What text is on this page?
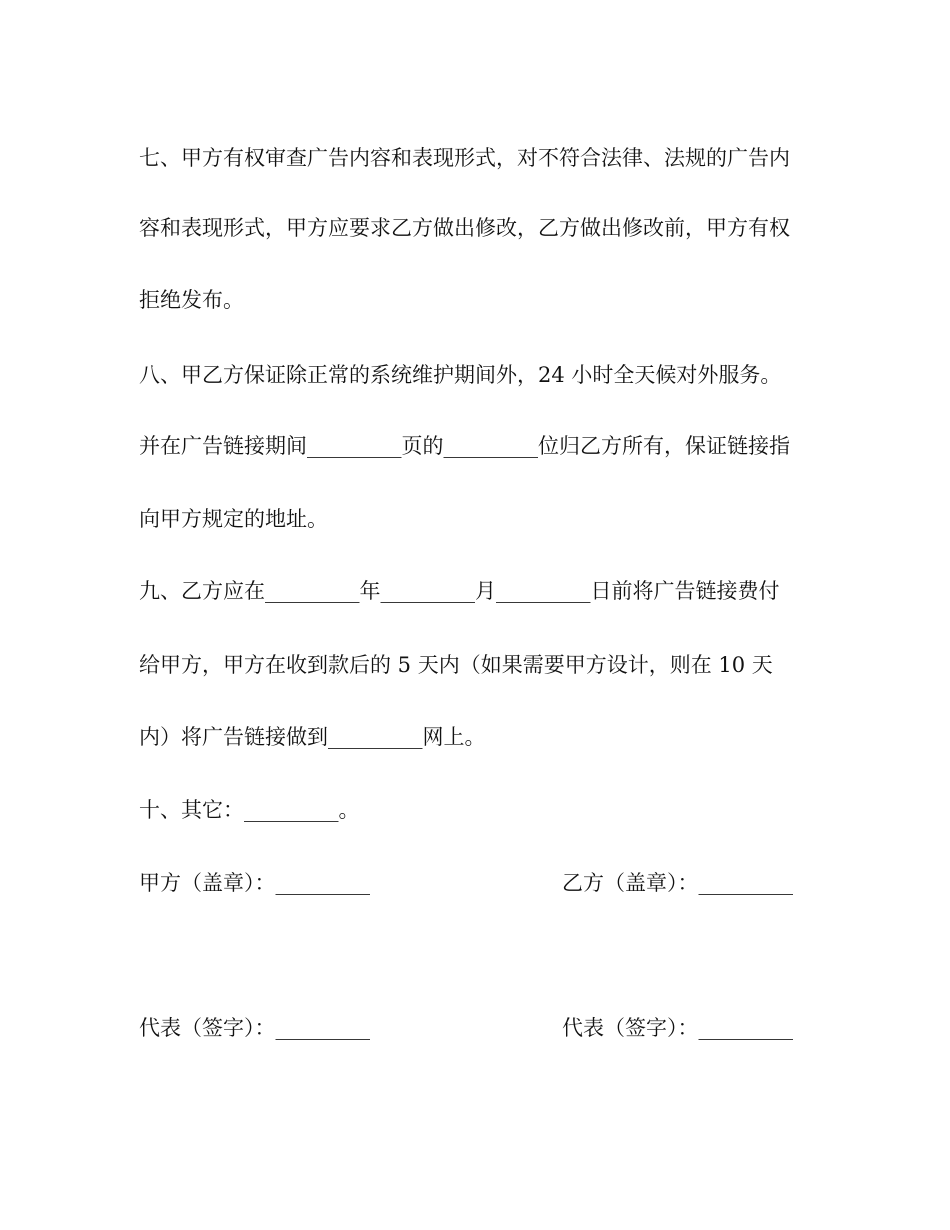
七、甲方有权审查广告内容和表现形式，对不符合法律、法规的广告内
容和表现形式，甲方应要求乙方做出修改，乙方做出修改前，甲方有权
拒绝发布。
八、甲乙方保证除正常的系统维护期间外，24 小时全天候对外服务。
并在广告链接期间_________页的_________位归乙方所有，保证链接指
向甲方规定的地址。
九、乙方应在_________年_________月_________日前将广告链接费付
给甲方，甲方在收到款后的 5 天内（如果需要甲方设计，则在 10 天
内）将广告链接做到_________网上。
十、其它：_________。
甲方（盖章）：_________	乙方（盖章）：_________
代表（签字）：_________	代表（签字）：_________
